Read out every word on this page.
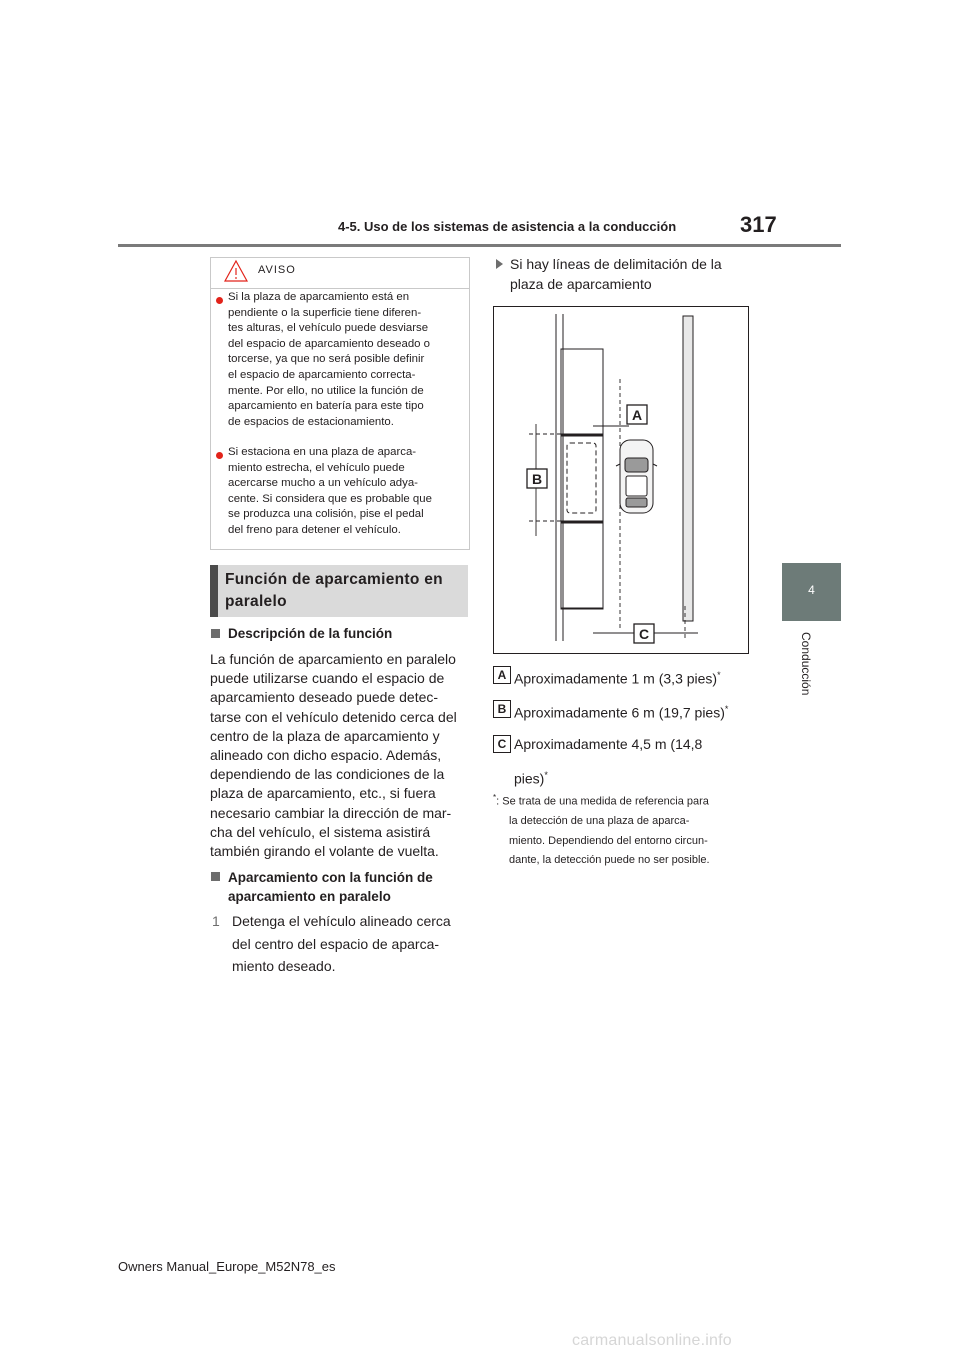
4-5. Uso de los sistemas de asistencia a la conducción	317
4
Conducción
AVISO
Si la plaza de aparcamiento está en
pendiente o la superficie tiene diferen-
tes alturas, el vehículo puede desviarse
del espacio de aparcamiento deseado o
torcerse, ya que no será posible definir
el espacio de aparcamiento correcta-
mente. Por ello, no utilice la función de
aparcamiento en batería para este tipo
de espacios de estacionamiento.
Si estaciona en una plaza de aparca-
miento estrecha, el vehículo puede
acercarse mucho a un vehículo adya-
cente. Si considera que es probable que
se produzca una colisión, pise el pedal
del freno para detener el vehículo.
Función de aparcamiento en
paralelo
Descripción de la función
La función de aparcamiento en paralelo
puede utilizarse cuando el espacio de
aparcamiento deseado puede detec-
tarse con el vehículo detenido cerca del
centro de la plaza de aparcamiento y
alineado con dicho espacio. Además,
dependiendo de las condiciones de la
plaza de aparcamiento, etc., si fuera
necesario cambiar la dirección de mar-
cha del vehículo, el sistema asistirá
también girando el volante de vuelta.
Aparcamiento con la función de
aparcamiento en paralelo
1 Detenga el vehículo alineado cerca
del centro del espacio de aparca-
miento deseado.
Si hay líneas de delimitación de la
plaza de aparcamiento
A
B
C
A Aproximadamente 1 m (3,3 pies)*
B Aproximadamente 6 m (19,7 pies)*
C Aproximadamente 4,5 m (14,8
pies)*
*: Se trata de una medida de referencia para
la detección de una plaza de aparca-
miento. Dependiendo del entorno circun-
dante, la detección puede no ser posible.
Owners Manual_Europe_M52N78_es
carmanualsonline.info
